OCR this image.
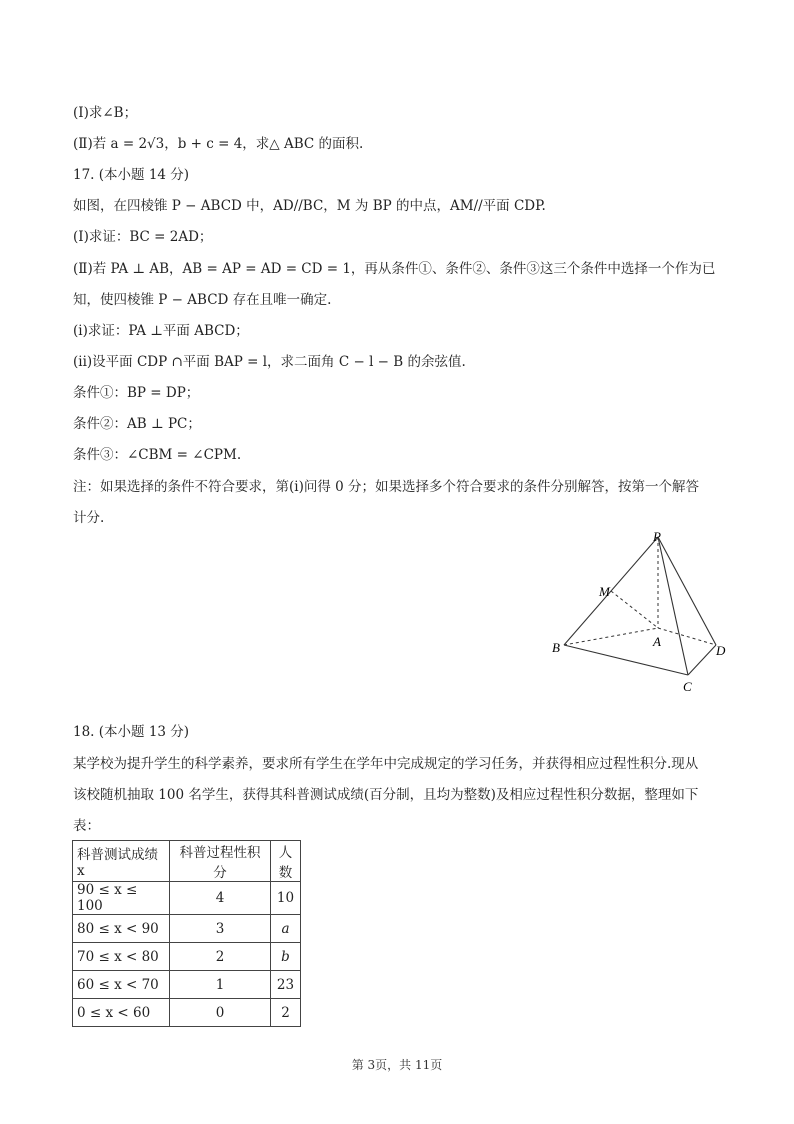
(Ⅰ)求∠B；
(Ⅱ)若 a = 2√3，b + c = 4，求△ ABC 的面积.
17. (本小题 14 分)
如图，在四棱锥 P − ABCD 中，AD//BC，M 为 BP 的中点，AM//平面 CDP.
(Ⅰ)求证：BC = 2AD；
(Ⅱ)若 PA ⊥ AB，AB = AP = AD = CD = 1，再从条件①、条件②、条件③这三个条件中选择一个作为已
知，使四棱锥 P − ABCD 存在且唯一确定.
(i)求证：PA ⊥平面 ABCD；
(ii)设平面 CDP ∩平面 BAP = l，求二面角 C − l − B 的余弦值.
条件①：BP = DP；
条件②：AB ⊥ PC；
条件③：∠CBM = ∠CPM.
注：如果选择的条件不符合要求，第(i)问得 0 分；如果选择多个符合要求的条件分别解答，按第一个解答
计分.
P
M
A
B
C
D
18. (本小题 13 分)
某学校为提升学生的科学素养，要求所有学生在学年中完成规定的学习任务，并获得相应过程性积分.现从
该校随机抽取 100 名学生，获得其科普测试成绩(百分制，且均为整数)及相应过程性积分数据，整理如下
表：
科普测试成绩 x	科普过程性积分	人数
90 ≤ x ≤ 100	4	10
80 ≤ x < 90	3	a
70 ≤ x < 80	2	b
60 ≤ x < 70	1	23
0 ≤ x < 60	0	2
第 3页，共 11页
